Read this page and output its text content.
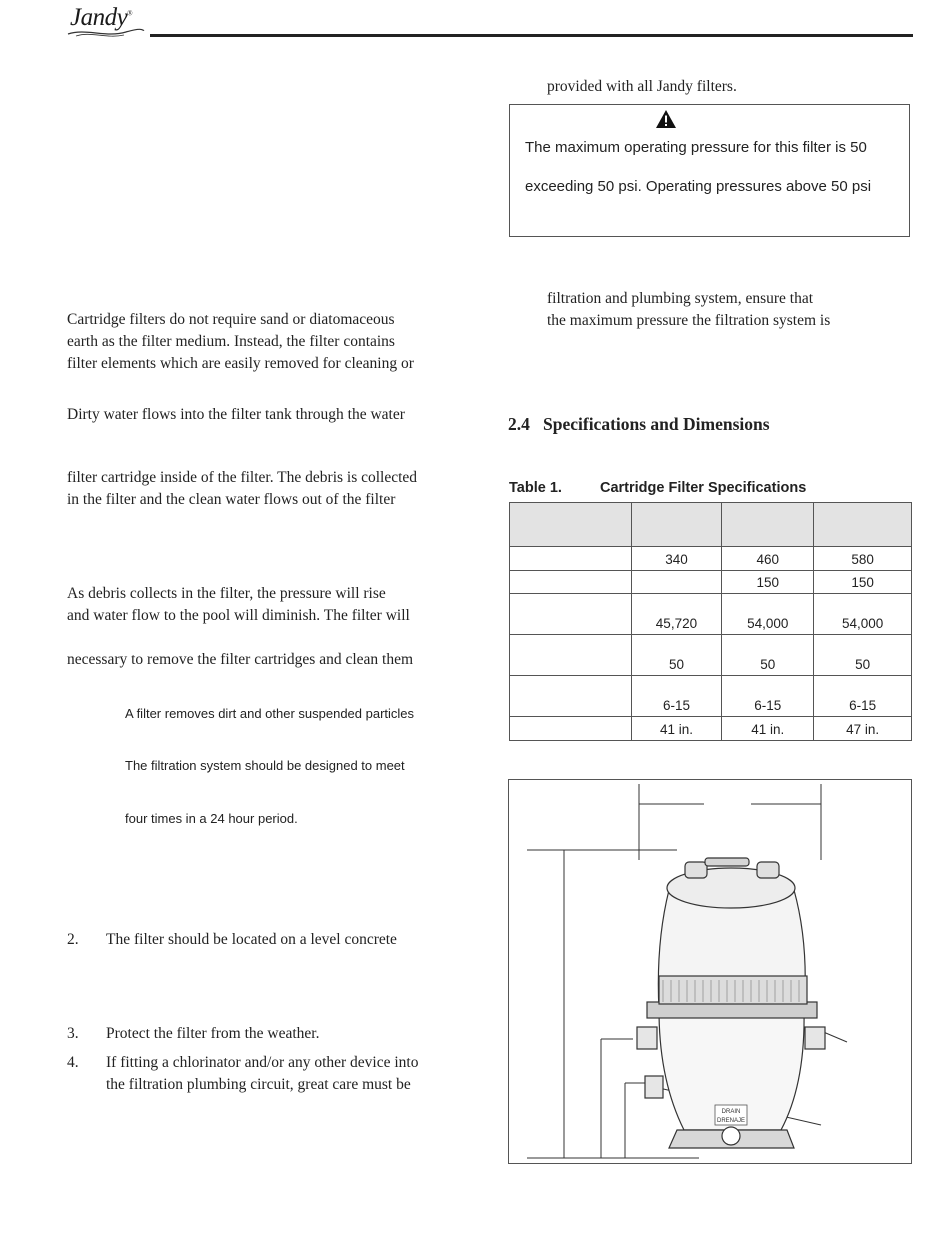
Jandy®
Cartridge filters do not require sand or diatomaceous
earth as the filter medium. Instead, the filter contains
filter elements which are easily removed for cleaning or
Dirty water flows into the filter tank through the water
filter cartridge inside of the filter. The debris is collected
in the filter and the clean water flows out of the filter
As debris collects in the filter, the pressure will rise
and water flow to the pool will diminish. The filter will
necessary to remove the filter cartridges and clean them
A filter removes dirt and other suspended particles
The filtration system should be designed to meet
four times in a 24 hour period.
2. The filter should be located on a level concrete
3. Protect the filter from the weather.
4. If fitting a chlorinator and/or any other device into
the filtration plumbing circuit, great care must be
provided with all Jandy filters.
The maximum operating pressure for this filter is 50
exceeding 50 psi. Operating pressures above 50 psi
filtration and plumbing system, ensure that
the maximum pressure the filtration system is
2.4   Specifications and Dimensions
Table 1.	Cartridge Filter Specifications

	340	460	580
		150	150
	45,720	54,000	54,000
	50	50	50
	6-15	6-15	6-15
	41 in.	41 in.	47 in.
DRAIN
DRENAJE
